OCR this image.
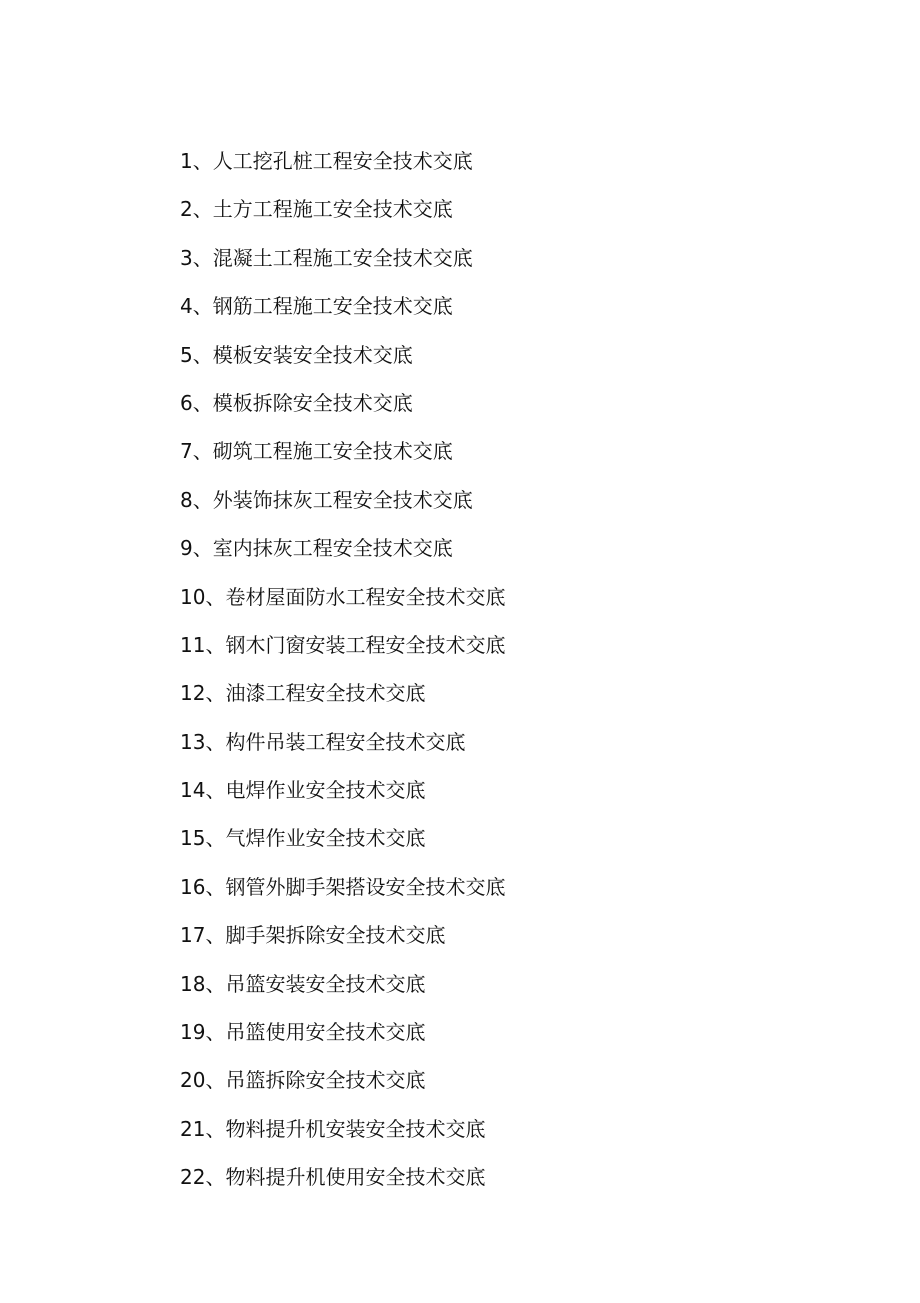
1、人工挖孔桩工程安全技术交底
2、土方工程施工安全技术交底
3、混凝土工程施工安全技术交底
4、钢筋工程施工安全技术交底
5、模板安装安全技术交底
6、模板拆除安全技术交底
7、砌筑工程施工安全技术交底
8、外装饰抹灰工程安全技术交底
9、室内抹灰工程安全技术交底
10、卷材屋面防水工程安全技术交底
11、钢木门窗安装工程安全技术交底
12、油漆工程安全技术交底
13、构件吊装工程安全技术交底
14、电焊作业安全技术交底
15、气焊作业安全技术交底
16、钢管外脚手架搭设安全技术交底
17、脚手架拆除安全技术交底
18、吊篮安装安全技术交底
19、吊篮使用安全技术交底
20、吊篮拆除安全技术交底
21、物料提升机安装安全技术交底
22、物料提升机使用安全技术交底
